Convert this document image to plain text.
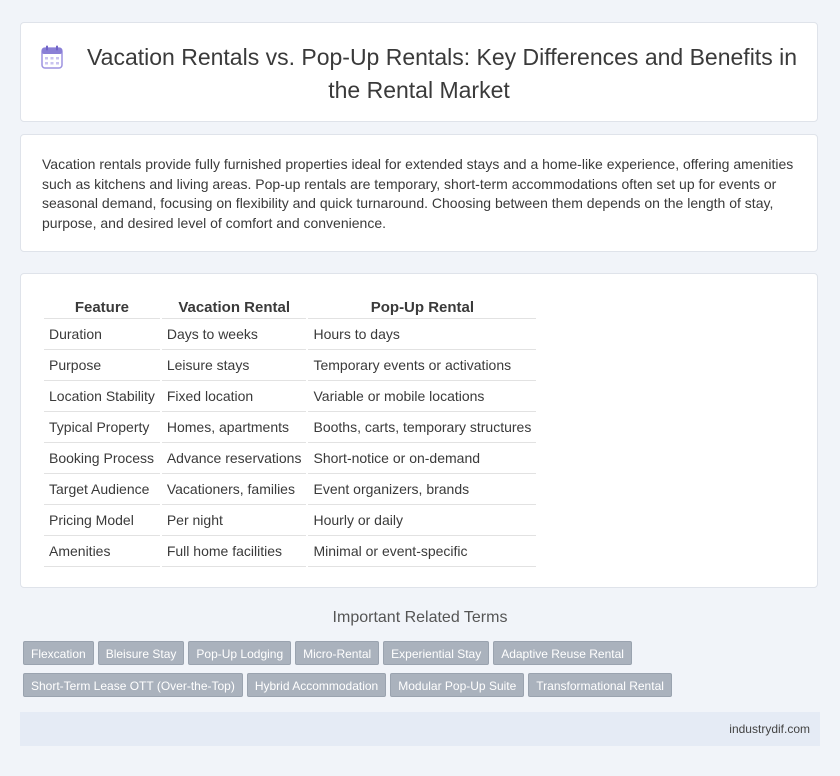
Vacation Rentals vs. Pop-Up Rentals: Key Differences and Benefits in the Rental Market

Vacation rentals provide fully furnished properties ideal for extended stays and a home-like experience, offering amenities such as kitchens and living areas. Pop-up rentals are temporary, short-term accommodations often set up for events or seasonal demand, focusing on flexibility and quick turnaround. Choosing between them depends on the length of stay, purpose, and desired level of comfort and convenience.

Feature	Vacation Rental	Pop-Up Rental
Duration	Days to weeks	Hours to days
Purpose	Leisure stays	Temporary events or activations
Location Stability	Fixed location	Variable or mobile locations
Typical Property	Homes, apartments	Booths, carts, temporary structures
Booking Process	Advance reservations	Short-notice or on-demand
Target Audience	Vacationers, families	Event organizers, brands
Pricing Model	Per night	Hourly or daily
Amenities	Full home facilities	Minimal or event-specific
Important Related Terms
Flexcation Bleisure Stay Pop-Up Lodging Micro-Rental Experiential Stay Adaptive Reuse Rental
Short-Term Lease OTT (Over-the-Top) Hybrid Accommodation Modular Pop-Up Suite Transformational Rental
industrydif.com
